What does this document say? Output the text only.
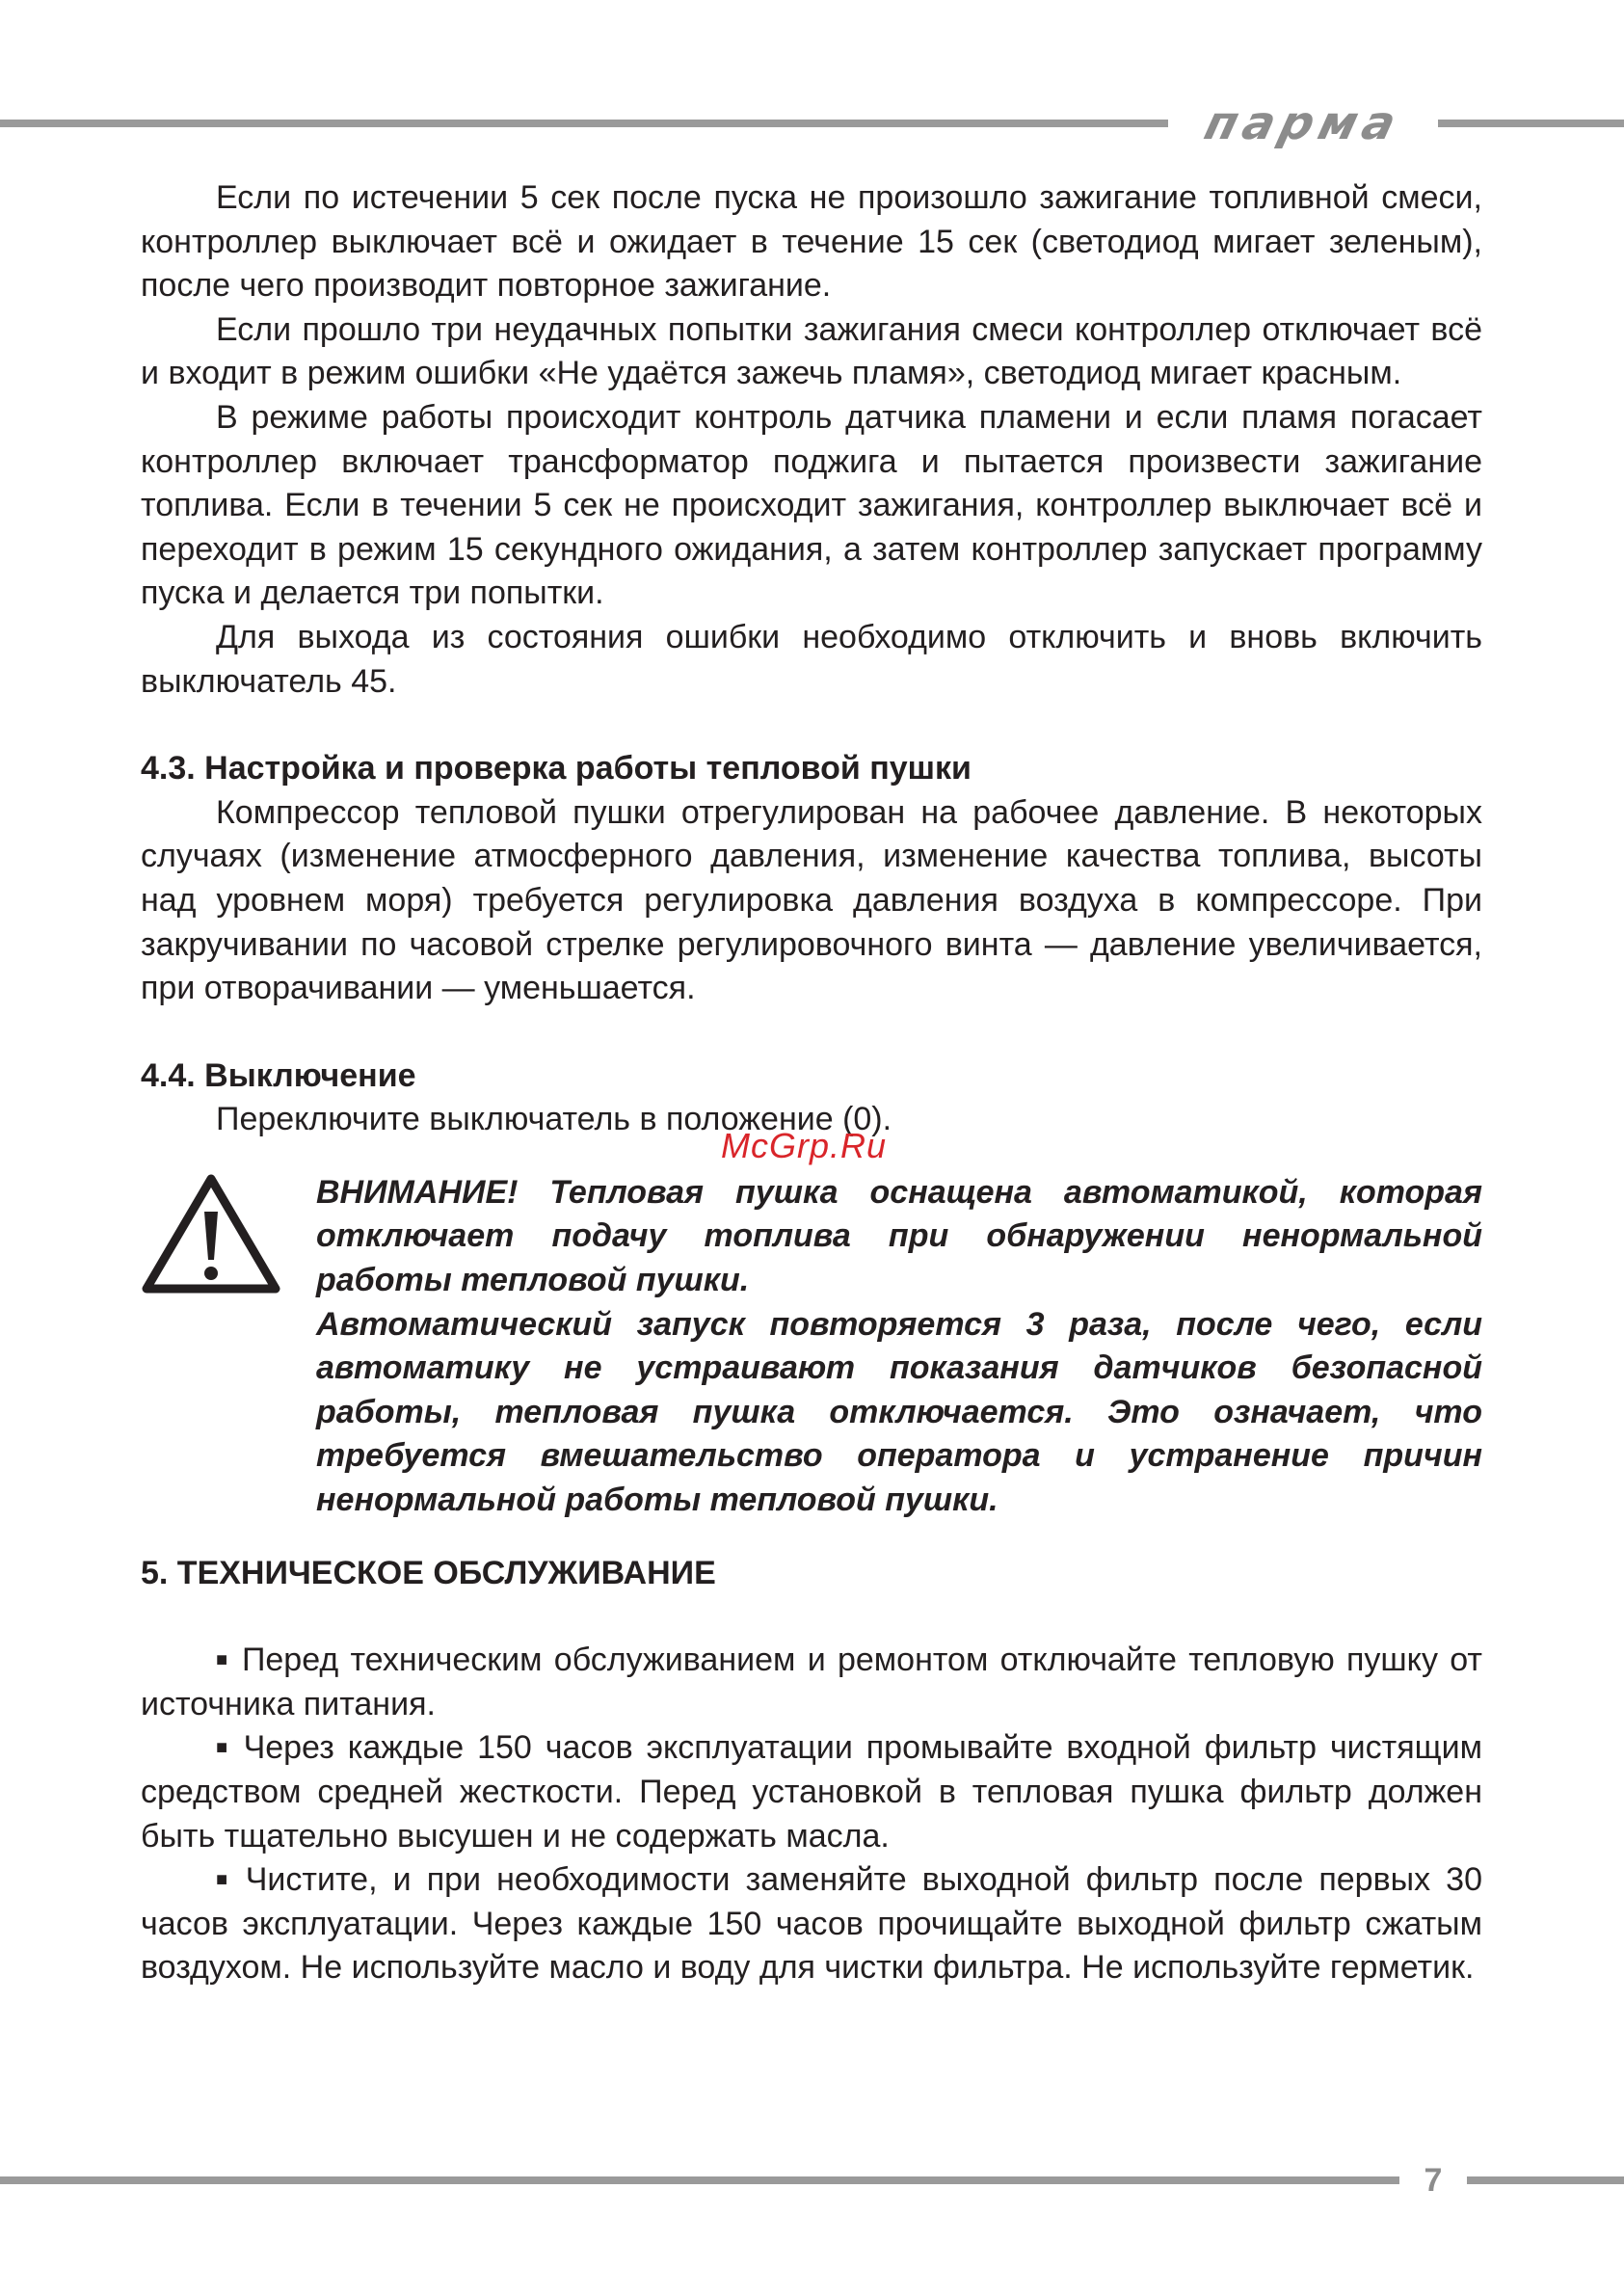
парма

Если по истечении 5 сек после пуска не произошло зажигание топливной смеси, контроллер выключает всё и ожидает в течение 15 сек (светодиод мигает зеленым), после чего производит повторное зажигание.

Если прошло три неудачных попытки зажигания смеси контроллер отключает всё и входит в режим ошибки «Не удаётся зажечь пламя», светодиод мигает красным.

В режиме работы происходит контроль датчика пламени и если пламя погасает контроллер включает трансформатор поджига и пытается произвести зажигание топлива. Если в течении 5 сек не происходит зажигания, контроллер выключает всё и переходит в режим 15 секундного ожидания, а затем контроллер запускает программу пуска и делается три попытки.

Для выхода из состояния ошибки необходимо отключить и вновь включить выключатель 45.

4.3. Настройка и проверка работы тепловой пушки

Компрессор тепловой пушки отрегулирован на рабочее давление. В некоторых случаях (изменение атмосферного давления, изменение качества топлива, высоты над уровнем моря) требуется регулировка давления воздуха в компрессоре. При закручивании по часовой стрелке регулировочного винта — давление увеличивается, при отворачивании — уменьшается.

4.4. Выключение

Переключите выключатель в положение (0).

ВНИМАНИЕ! Тепловая пушка оснащена автоматикой, которая отключает подачу топлива при обнаружении ненормальной работы тепловой пушки.

Автоматический запуск повторяется 3 раза, после чего, если автоматику не устраивают показания датчиков безопасной работы, тепловая пушка отключается. Это означает, что требуется вмешательство оператора и устранение причин ненормальной работы тепловой пушки.

5. ТЕХНИЧЕСКОЕ ОБСЛУЖИВАНИЕ

■ Перед техническим обслуживанием и ремонтом отключайте тепловую пушку от источника питания.

■ Через каждые 150 часов эксплуатации промывайте входной фильтр чистящим средством средней жесткости. Перед установкой в тепловая пушка фильтр должен быть тщательно высушен и не содержать масла.

■ Чистите, и при необходимости заменяйте выходной фильтр после первых 30 часов эксплуатации. Через каждые 150 часов прочищайте выходной фильтр сжатым воздухом. Не используйте масло и воду для чистки фильтра. Не используйте герметик.

McGrp.Ru
7
